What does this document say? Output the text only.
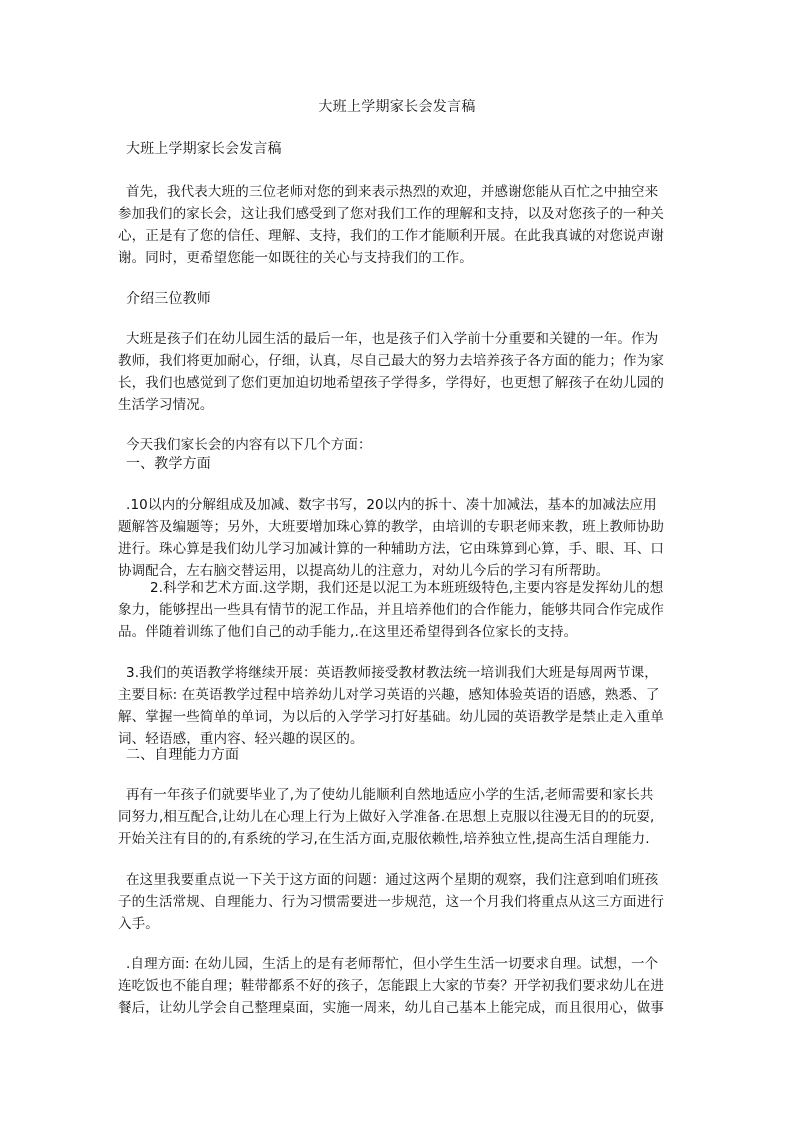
大班上学期家长会发言稿
大班上学期家长会发言稿
首先，我代表大班的三位老师对您的到来表示热烈的欢迎，并感谢您能从百忙之中抽空来
参加我们的家长会，这让我们感受到了您对我们工作的理解和支持，以及对您孩子的一种关
心，正是有了您的信任、理解、支持，我们的工作才能顺利开展。在此我真诚的对您说声谢
谢。同时，更希望您能一如既往的关心与支持我们的工作。
介绍三位教师
大班是孩子们在幼儿园生活的最后一年，也是孩子们入学前十分重要和关键的一年。作为
教师，我们将更加耐心，仔细，认真，尽自己最大的努力去培养孩子各方面的能力；作为家
长，我们也感觉到了您们更加迫切地希望孩子学得多，学得好，也更想了解孩子在幼儿园的
生活学习情况。
今天我们家长会的内容有以下几个方面：
一、教学方面
.10以内的分解组成及加减、数字书写，20以内的拆十、凑十加减法，基本的加减法应用
题解答及编题等；另外，大班要增加珠心算的教学，由培训的专职老师来教，班上教师协助
进行。珠心算是我们幼儿学习加减计算的一种辅助方法，它由珠算到心算，手、眼、耳、口
协调配合，左右脑交替运用，以提高幼儿的注意力，对幼儿今后的学习有所帮助。
2.科学和艺术方面.这学期，我们还是以泥工为本班班级特色,主要内容是发挥幼儿的想
象力，能够捏出一些具有情节的泥工作品，并且培养他们的合作能力，能够共同合作完成作
品。伴随着训练了他们自己的动手能力,.在这里还希望得到各位家长的支持。
3.我们的英语教学将继续开展：英语教师接受教材教法统一培训我们大班是每周两节课，
主要目标: 在英语教学过程中培养幼儿对学习英语的兴趣，感知体验英语的语感，熟悉、了
解、掌握一些简单的单词，为以后的入学学习打好基础。幼儿园的英语教学是禁止走入重单
词、轻语感，重内容、轻兴趣的误区的。
二、自理能力方面
再有一年孩子们就要毕业了,为了使幼儿能顺利自然地适应小学的生活,老师需要和家长共
同努力,相互配合,让幼儿在心理上行为上做好入学准备.在思想上克服以往漫无目的的玩耍,
开始关注有目的的,有系统的学习,在生活方面,克服依赖性,培养独立性,提高生活自理能力.
在这里我要重点说一下关于这方面的问题：通过这两个星期的观察，我们注意到咱们班孩
子的生活常规、自理能力、行为习惯需要进一步规范，这一个月我们将重点从这三方面进行
入手。
.自理方面: 在幼儿园，生活上的是有老师帮忙，但小学生生活一切要求自理。试想，一个
连吃饭也不能自理；鞋带都系不好的孩子，怎能跟上大家的节奏？开学初我们要求幼儿在进
餐后，让幼儿学会自己整理桌面，实施一周来，幼儿自己基本上能完成，而且很用心，做事
